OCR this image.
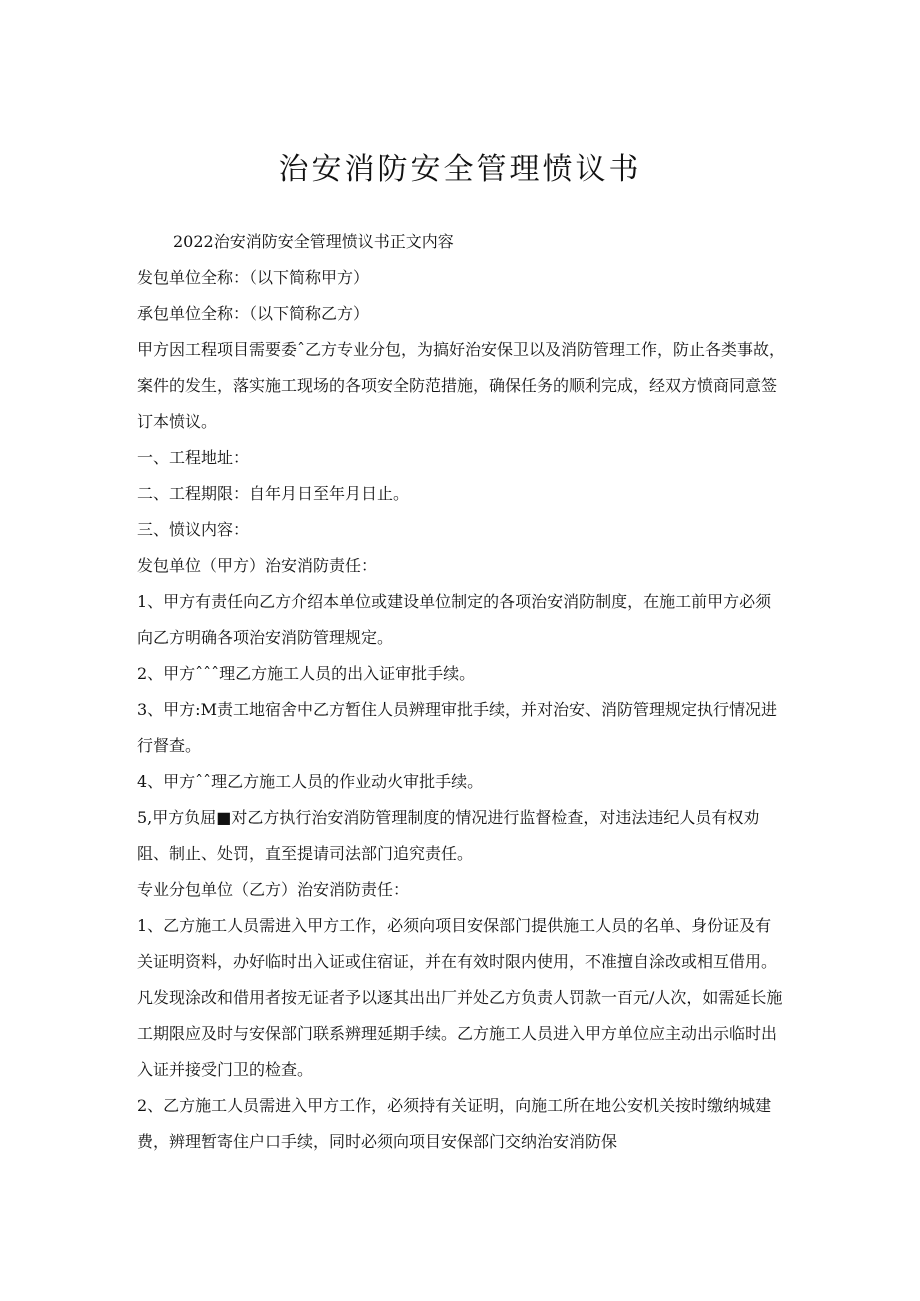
治安消防安全管理愤议书

2022治安消防安全管理愤议书正文内容

发包单位全称：（以下简称甲方）

承包单位全称：（以下简称乙方）

甲方因工程项目需要委ˆ乙方专业分包，为搞好治安保卫以及消防管理工作，防止各类事故，案件的发生，落实施工现场的各项安全防范措施，确保任务的顺利完成，经双方愤商同意签订本愤议。

一、工程地址：

二、工程期限：自年月日至年月日止。

三、愤议内容：

发包单位（甲方）治安消防责任：

1、甲方有责任向乙方介绍本单位或建设单位制定的各项治安消防制度，在施工前甲方必须向乙方明确各项治安消防管理规定。

2、甲方ˆˆˆ理乙方施工人员的出入证审批手续。

3、甲方:M责工地宿舍中乙方暂住人员辨理审批手续，并对治安、消防管理规定执行情况进行督查。

4、甲方ˆˆ理乙方施工人员的作业动火审批手续。

5,甲方负屈■对乙方执行治安消防管理制度的情况进行监督检查，对违法违纪人员有权劝阻、制止、处罚，直至提请司法部门追究责任。

专业分包单位（乙方）治安消防责任：

1、乙方施工人员需进入甲方工作，必须向项目安保部门提供施工人员的名单、身份证及有关证明资料，办好临时出入证或住宿证，并在有效时限内使用，不准擅自涂改或相互借用。凡发现涂改和借用者按无证者予以逐其出出厂并处乙方负责人罚款一百元/人次，如需延长施工期限应及时与安保部门联系辨理延期手续。乙方施工人员进入甲方单位应主动出示临时出入证并接受门卫的检查。

2、乙方施工人员需进入甲方工作，必须持有关证明，向施工所在地公安机关按时缴纳城建费，辨理暂寄住户口手续，同时必须向项目安保部门交纳治安消防保
